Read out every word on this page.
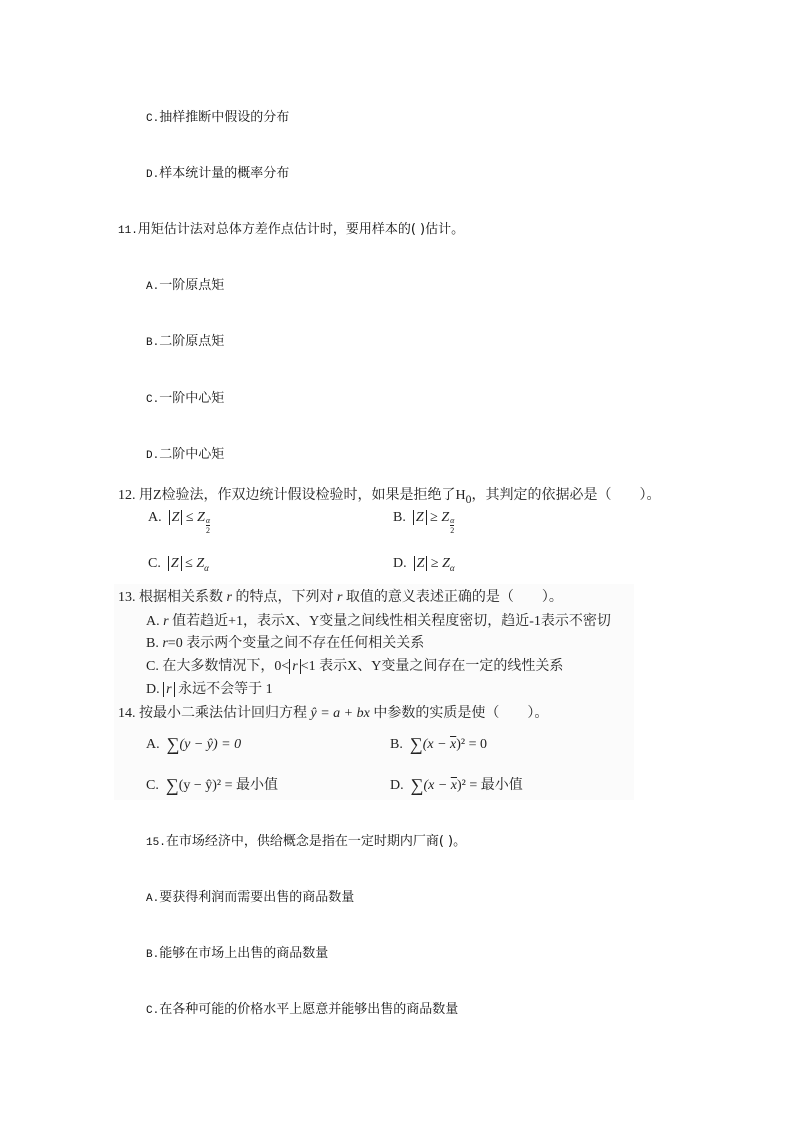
C.抽样推断中假设的分布
D.样本统计量的概率分布
11.用矩估计法对总体方差作点估计时，要用样本的( )估计。
A.一阶原点矩
B.二阶原点矩
C.一阶中心矩
D.二阶中心矩
12. 用Z检验法，作双边统计假设检验时，如果是拒绝了$H_0$，其判定的依据必是（　　）。
A. Z ≤ Z $\frac{\alpha}{2}$	B. Z ≥ Z $\frac{\alpha}{2}$
C. $Z \le Z_\alpha$	D. $Z \ge Z_\alpha$
13. 根据相关系数 r 的特点，下列对 r 取值的意义表述正确的是（　　）。
A. r 值若趋近+1，表示X、Y变量之间线性相关程度密切，趋近-1表示不密切
B. r=0 表示两个变量之间不存在任何相关关系
C. 在大多数情况下，0< r <1 表示X、Y变量之间存在一定的线性关系
D. r 永远不会等于 1
14. 按最小二乘法估计回归方程 ŷ = a + bx 中参数的实质是使（　　）。
A. ∑(y − ŷ) = 0	B. $\sum(x - \overline{x})^2 = 0$
C. ∑(y − ŷ)² = 最小值	D. $\sum(x - \overline{x})^2$ = 最小值
15.在市场经济中，供给概念是指在一定时期内厂商( )。
A.要获得利润而需要出售的商品数量
B.能够在市场上出售的商品数量
C.在各种可能的价格水平上愿意并能够出售的商品数量
